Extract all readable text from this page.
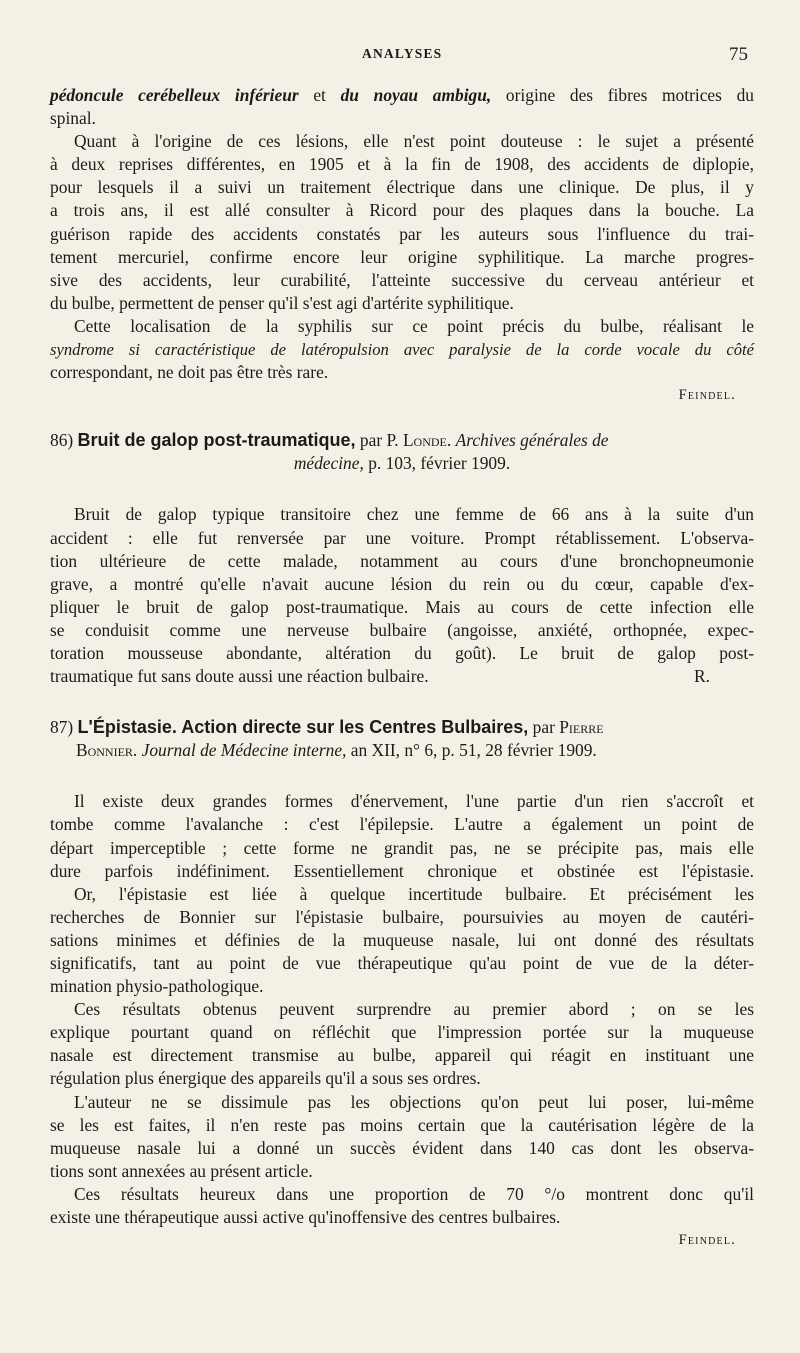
ANALYSES	75
pédoncule cerébelleux inférieur et du noyau ambigu, origine des fibres motrices du
spinal.
Quant à l'origine de ces lésions, elle n'est point douteuse : le sujet a présenté
à deux reprises différentes, en 1905 et à la fin de 1908, des accidents de diplopie,
pour lesquels il a suivi un traitement électrique dans une clinique. De plus, il y
a trois ans, il est allé consulter à Ricord pour des plaques dans la bouche. La
guérison rapide des accidents constatés par les auteurs sous l'influence du trai-
tement mercuriel, confirme encore leur origine syphilitique. La marche progres-
sive des accidents, leur curabilité, l'atteinte successive du cerveau antérieur et
du bulbe, permettent de penser qu'il s'est agi d'artérite syphilitique.
Cette localisation de la syphilis sur ce point précis du bulbe, réalisant le
syndrome si caractéristique de latéropulsion avec paralysie de la corde vocale du côté
correspondant, ne doit pas être très rare.
Feindel.
86) Bruit de galop post-traumatique, par P. Londe. Archives générales de
médecine, p. 103, février 1909.
Bruit de galop typique transitoire chez une femme de 66 ans à la suite d'un
accident : elle fut renversée par une voiture. Prompt rétablissement. L'observa-
tion ultérieure de cette malade, notamment au cours d'une bronchopneumonie
grave, a montré qu'elle n'avait aucune lésion du rein ou du cœur, capable d'ex-
pliquer le bruit de galop post-traumatique. Mais au cours de cette infection elle
se conduisit comme une nerveuse bulbaire (angoisse, anxiété, orthopnée, expec-
toration mousseuse abondante, altération du goût). Le bruit de galop post-
traumatique fut sans doute aussi une réaction bulbaire.	R.
87) L'Épistasie. Action directe sur les Centres Bulbaires, par Pierre
Bonnier. Journal de Médecine interne, an XII, n° 6, p. 51, 28 février 1909.
Il existe deux grandes formes d'énervement, l'une partie d'un rien s'accroît et
tombe comme l'avalanche : c'est l'épilepsie. L'autre a également un point de
départ imperceptible ; cette forme ne grandit pas, ne se précipite pas, mais elle
dure parfois indéfiniment. Essentiellement chronique et obstinée est l'épistasie.
Or, l'épistasie est liée à quelque incertitude bulbaire. Et précisément les
recherches de Bonnier sur l'épistasie bulbaire, poursuivies au moyen de cautéri-
sations minimes et définies de la muqueuse nasale, lui ont donné des résultats
significatifs, tant au point de vue thérapeutique qu'au point de vue de la déter-
mination physio-pathologique.
Ces résultats obtenus peuvent surprendre au premier abord ; on se les
explique pourtant quand on réfléchit que l'impression portée sur la muqueuse
nasale est directement transmise au bulbe, appareil qui réagit en instituant une
régulation plus énergique des appareils qu'il a sous ses ordres.
L'auteur ne se dissimule pas les objections qu'on peut lui poser, lui-même
se les est faites, il n'en reste pas moins certain que la cautérisation légère de la
muqueuse nasale lui a donné un succès évident dans 140 cas dont les observa-
tions sont annexées au présent article.
Ces résultats heureux dans une proportion de 70 °/o montrent donc qu'il
existe une thérapeutique aussi active qu'inoffensive des centres bulbaires.
Feindel.
